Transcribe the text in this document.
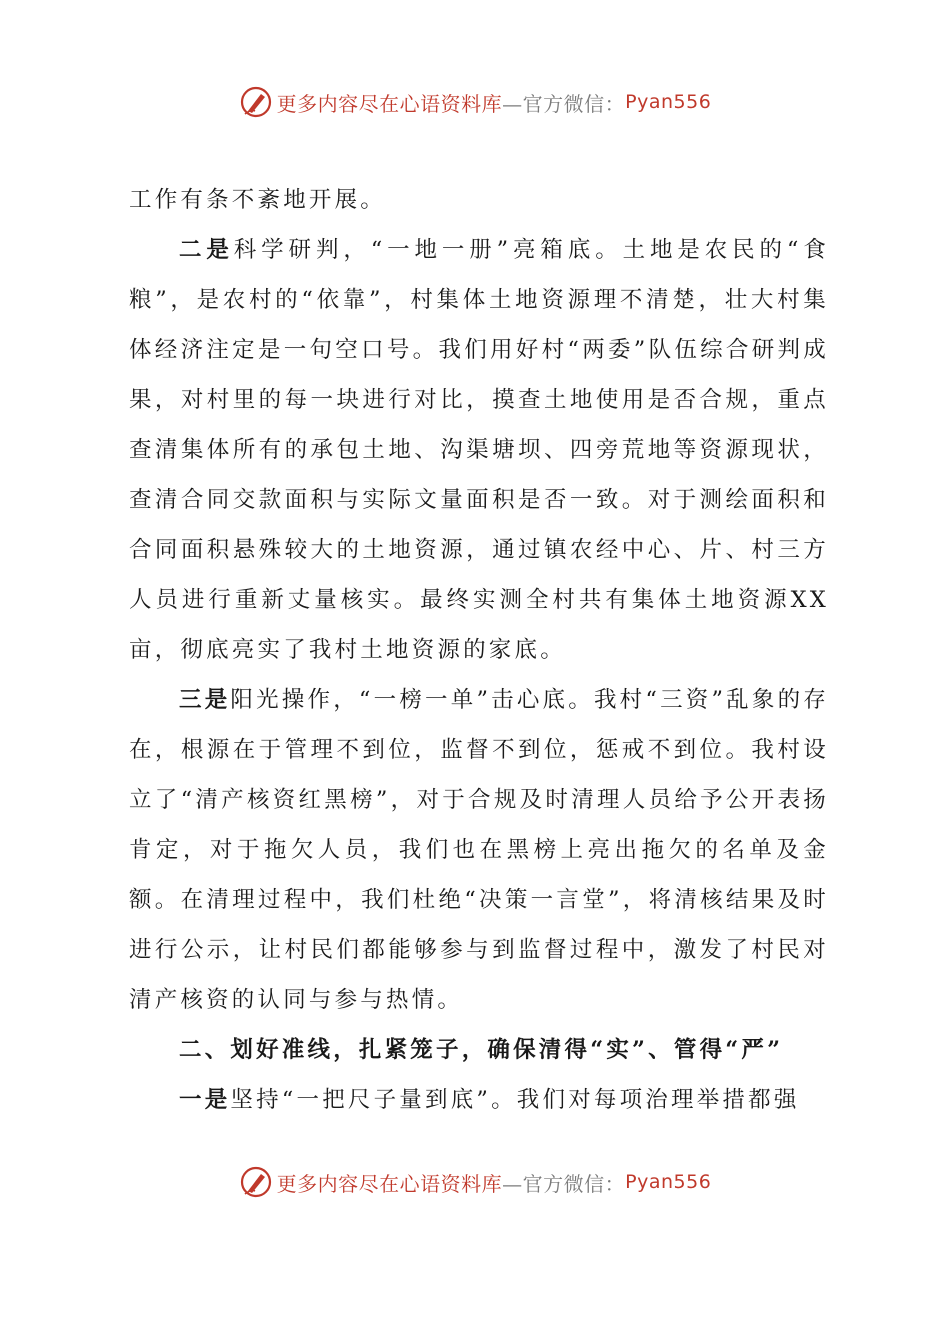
更多内容尽在心语资料库 —官方微信： Pyan556

工作有条不紊地开展。

二是科学研判，“一地一册”亮箱底。土地是农民的“食粮”，是农村的“依靠”，村集体土地资源理不清楚，壮大村集体经济注定是一句空口号。我们用好村“两委”队伍综合研判成果，对村里的每一块进行对比，摸查土地使用是否合规，重点查清集体所有的承包土地、沟渠塘坝、四旁荒地等资源现状，查清合同交款面积与实际文量面积是否一致。对于测绘面积和合同面积悬殊较大的土地资源，通过镇农经中心、片、村三方人员进行重新丈量核实。最终实测全村共有集体土地资源XX亩，彻底亮实了我村土地资源的家底。

三是阳光操作，“一榜一单”击心底。我村“三资”乱象的存在，根源在于管理不到位，监督不到位，惩戒不到位。我村设立了“清产核资红黑榜”，对于合规及时清理人员给予公开表扬肯定，对于拖欠人员，我们也在黑榜上亮出拖欠的名单及金额。在清理过程中，我们杜绝“决策一言堂”，将清核结果及时进行公示，让村民们都能够参与到监督过程中，激发了村民对清产核资的认同与参与热情。

二、划好准线，扎紧笼子，确保清得“实”、管得“严”

一是坚持“一把尺子量到底”。我们对每项治理举措都强

更多内容尽在心语资料库 —官方微信： Pyan556
